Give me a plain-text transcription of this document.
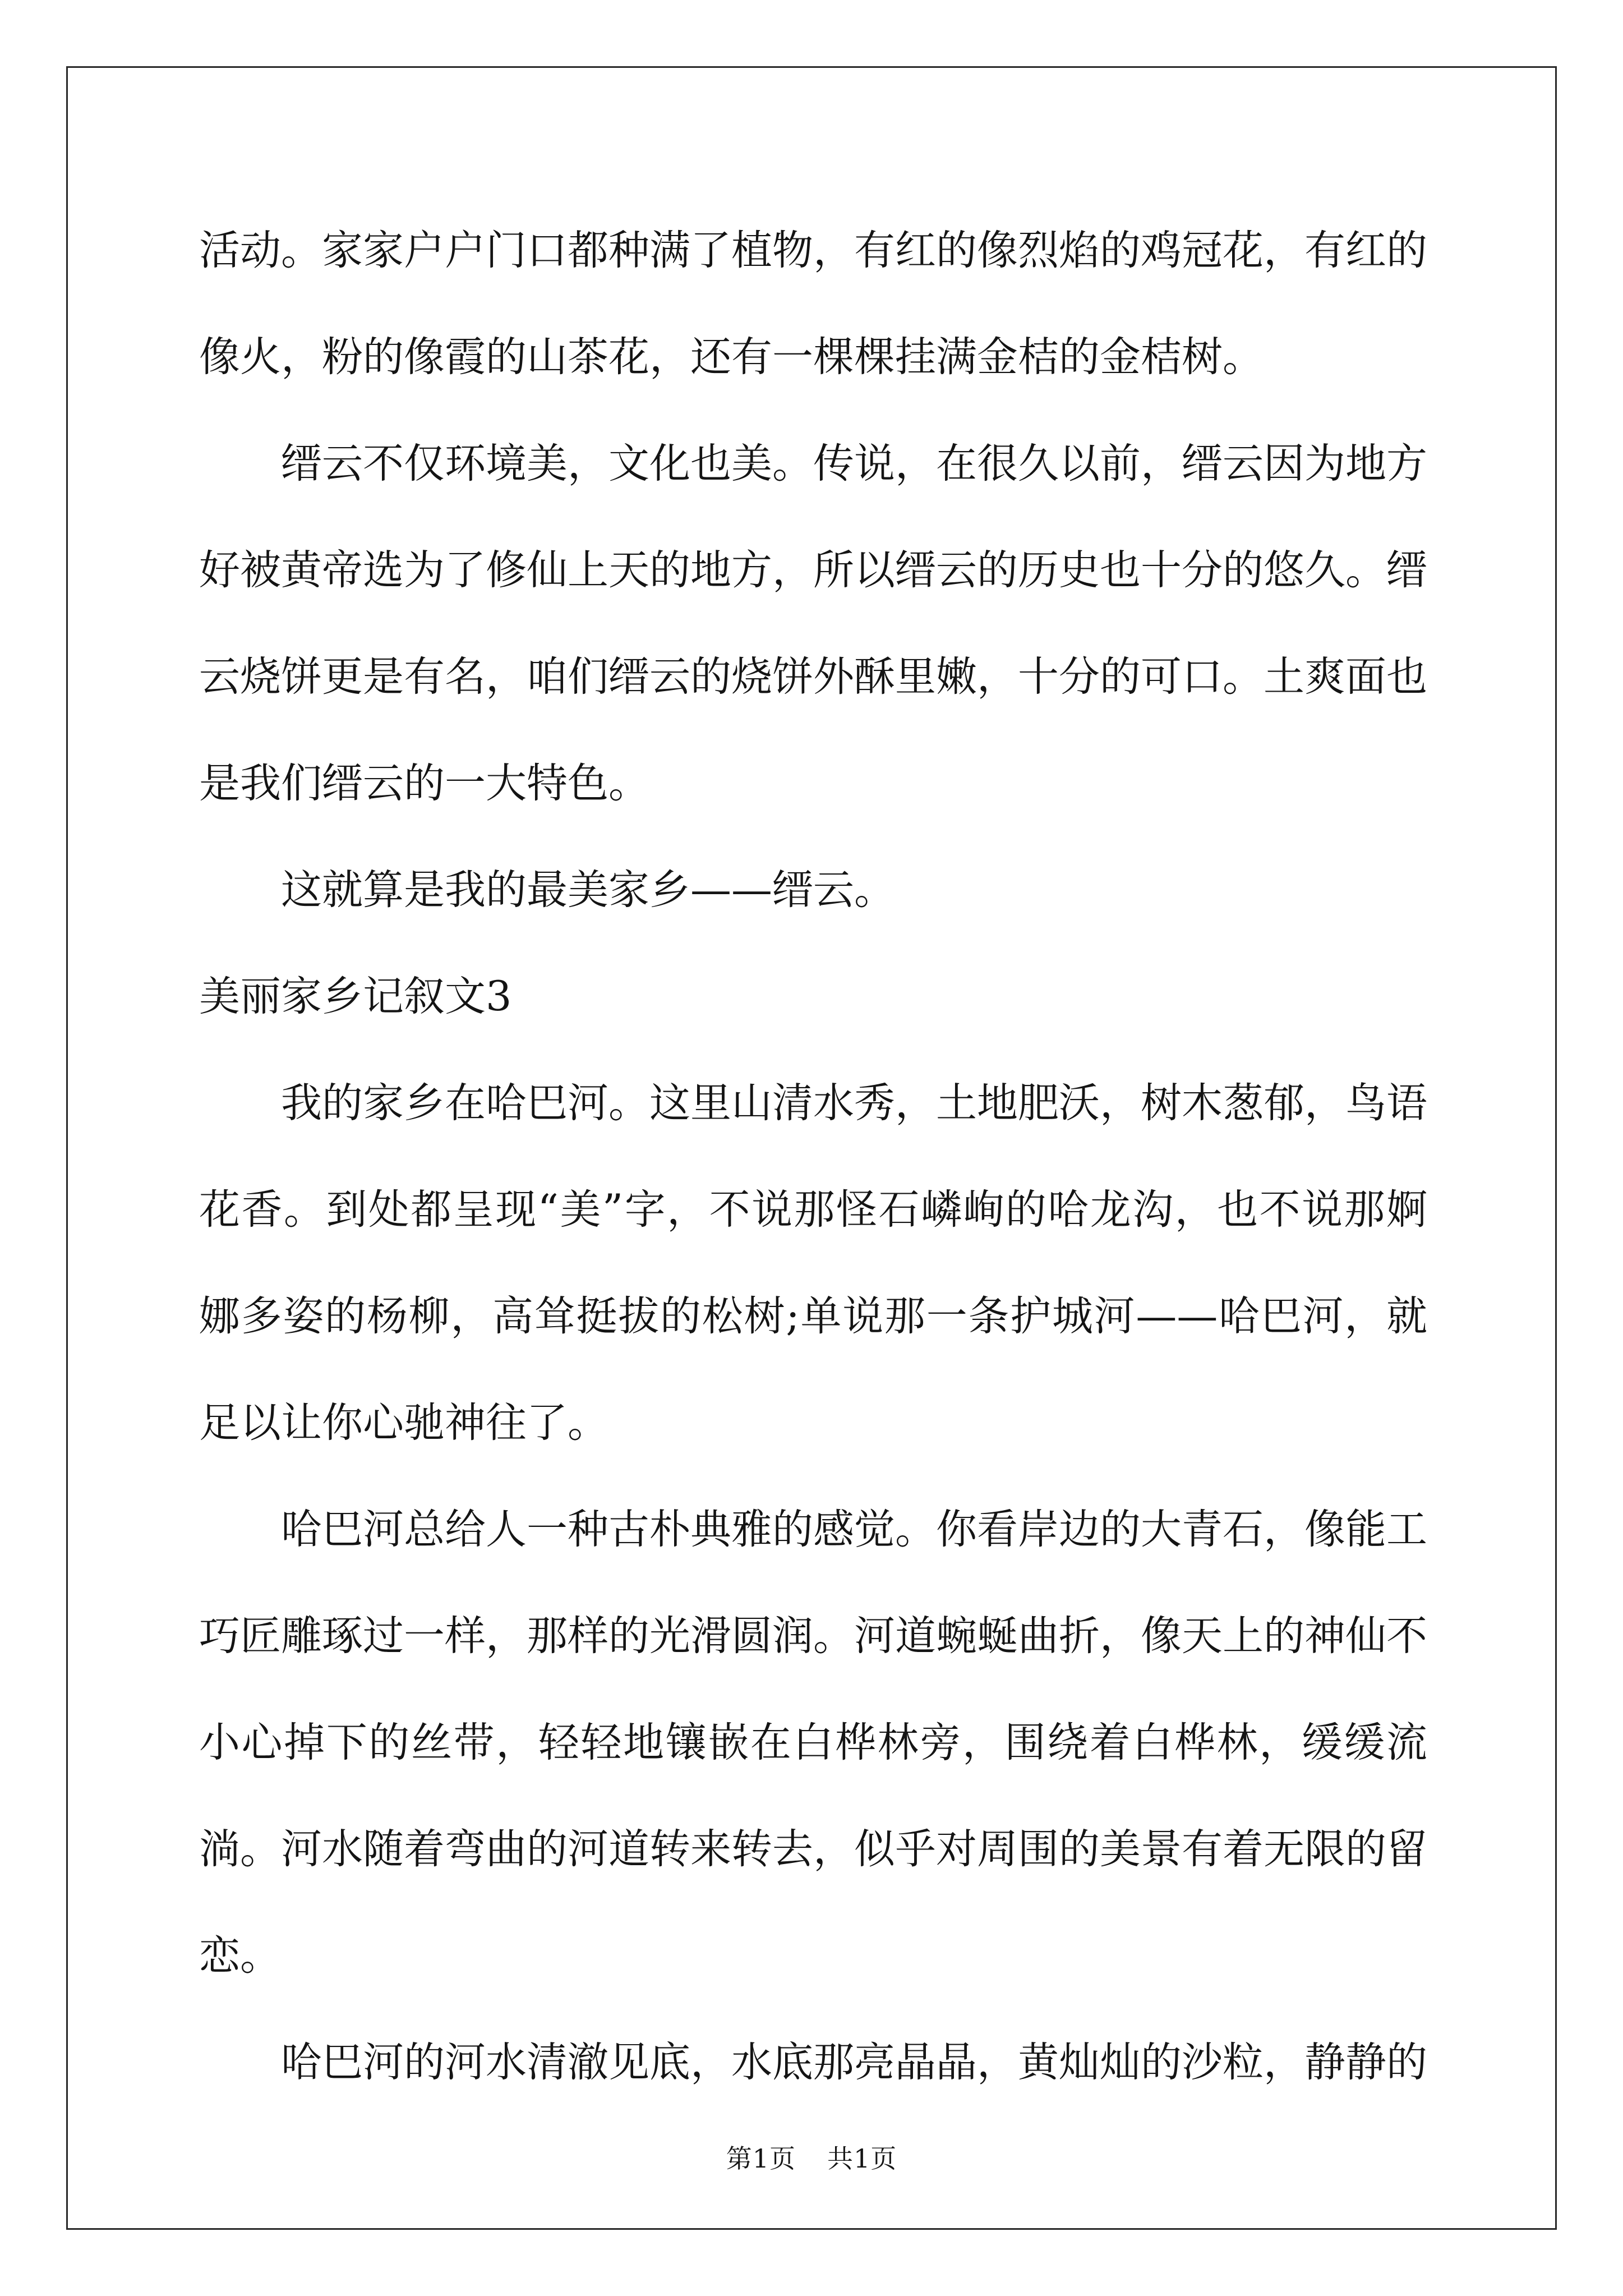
活动。家家户户门口都种满了植物，有红的像烈焰的鸡冠花，有红的像火，粉的像霞的山茶花，还有一棵棵挂满金桔的金桔树。

缙云不仅环境美，文化也美。传说，在很久以前，缙云因为地方好被黄帝选为了修仙上天的地方，所以缙云的历史也十分的悠久。缙云烧饼更是有名，咱们缙云的烧饼外酥里嫩，十分的可口。土爽面也是我们缙云的一大特色。

这就算是我的最美家乡——缙云。

美丽家乡记叙文3

我的家乡在哈巴河。这里山清水秀，土地肥沃，树木葱郁，鸟语花香。到处都呈现“美”字，不说那怪石嶙峋的哈龙沟，也不说那婀娜多姿的杨柳，高耸挺拔的松树;单说那一条护城河——哈巴河，就足以让你心驰神往了。

哈巴河总给人一种古朴典雅的感觉。你看岸边的大青石，像能工巧匠雕琢过一样，那样的光滑圆润。河道蜿蜒曲折，像天上的神仙不小心掉下的丝带，轻轻地镶嵌在白桦林旁，围绕着白桦林，缓缓流淌。河水随着弯曲的河道转来转去，似乎对周围的美景有着无限的留恋。

哈巴河的河水清澈见底，水底那亮晶晶，黄灿灿的沙粒，静静的

第1页 共1页
